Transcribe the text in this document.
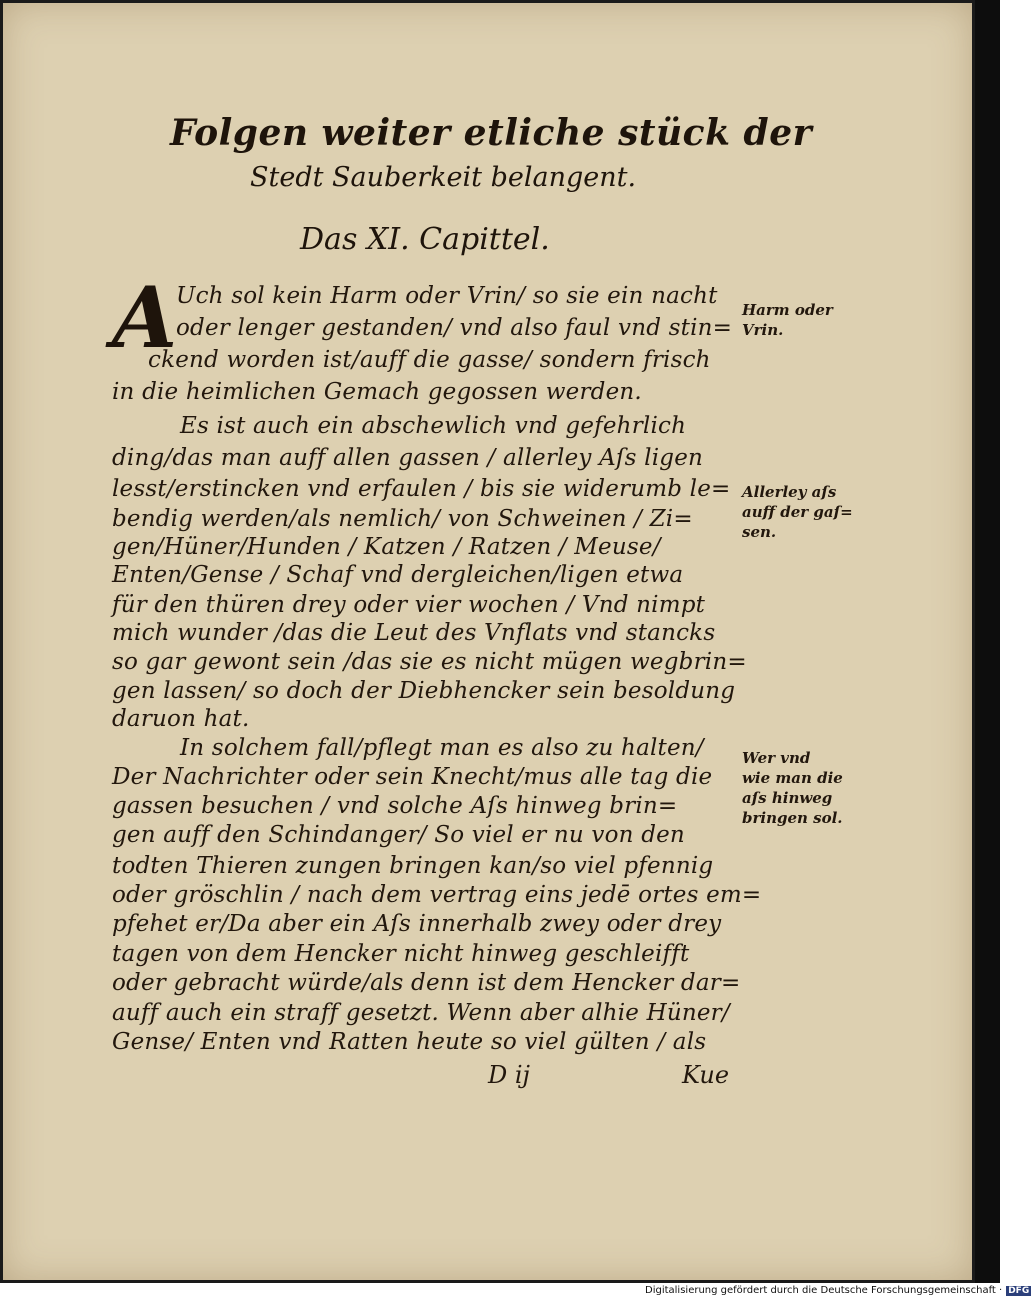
Folgen weiter etliche stück der
Stedt Sauberkeit belangent.
Das XI. Capittel.
A
Uch sol kein Harm oder Vrin/ so sie ein nacht
oder lenger gestanden/ vnd also faul vnd stin=
ckend worden ist/auff die gasse/ sondern frisch
in die heimlichen Gemach gegossen werden.
Es ist auch ein abschewlich vnd gefehrlich
ding/das man auff allen gassen / allerley Aſs ligen
lesst/erstincken vnd erfaulen / bis sie widerumb le=
bendig werden/als nemlich/ von Schweinen / Zi=
gen/Hüner/Hunden / Katzen / Ratzen / Meuse/
Enten/Gense / Schaf vnd dergleichen/ligen etwa
für den thüren drey oder vier wochen / Vnd nimpt
mich wunder /das die Leut des Vnflats vnd stancks
so gar gewont sein /das sie es nicht mügen wegbrin=
gen lassen/ so doch der Diebhencker sein besoldung
daruon hat.
In solchem fall/pflegt man es also zu halten/
Der Nachrichter oder sein Knecht/mus alle tag die
gassen besuchen / vnd solche Aſs hinweg brin=
gen auff den Schindanger/ So viel er nu von den
todten Thieren zungen bringen kan/so viel pfennig
oder gröschlin / nach dem vertrag eins jedē ortes em=
pfehet er/Da aber ein Aſs innerhalb zwey oder drey
tagen von dem Hencker nicht hinweg geschleifft
oder gebracht würde/als denn ist dem Hencker dar=
auff auch ein straff gesetzt. Wenn aber alhie Hüner/
Gense/ Enten vnd Ratten heute so viel gülten / als
Harm oder
Vrin.
Allerley aſs
auff der gaſ=
sen.
Wer vnd
wie man die
aſs hinweg
bringen sol.
D ij	Kue
Digitalisierung gefördert durch die Deutsche Forschungsgemeinschaft · DFG
